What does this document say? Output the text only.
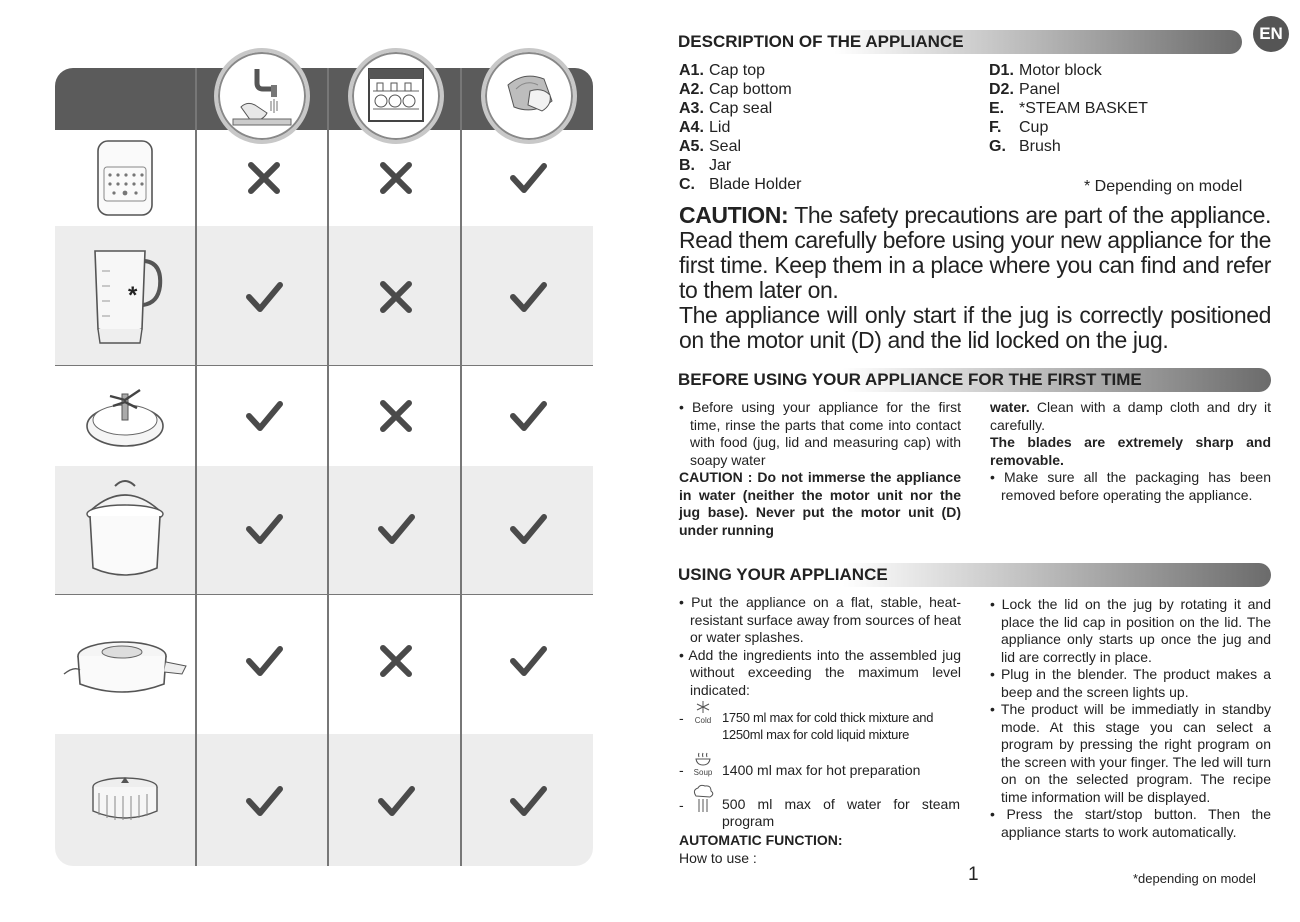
*
EN
DESCRIPTION OF THE APPLIANCE
A1. Cap top
A2. Cap bottom
A3. Cap seal
A4. Lid
A5. Seal
B. Jar
C. Blade Holder
D1. Motor block
D2. Panel
E. *STEAM BASKET
F. Cup
G. Brush
* Depending on model
CAUTION: The safety precautions are part of the appliance. Read them carefully before using your new appliance for the first time. Keep them in a place where you can find and refer to them later on.
The appliance will only start if the jug is correctly positioned on the motor unit (D) and the lid locked on the jug.
BEFORE USING YOUR APPLIANCE FOR THE FIRST TIME

• Before using your appliance for the first time, rinse the parts that come into contact with food (jug, lid and measuring cap) with soapy water

CAUTION : Do not immerse the appliance in water (neither the motor unit nor the jug base). Never put the motor unit (D) under running

water. Clean with a damp cloth and dry it carefully.

The blades are extremely sharp and removable.

• Make sure all the packaging has been removed before operating the appliance.

USING YOUR APPLIANCE

• Put the appliance on a flat, stable, heat-resistant surface away from sources of heat or water splashes.

• Add the ingredients into the assembled jug without exceeding the maximum level indicated:

-	Cold 1750 ml max for cold thick mixture and
1250ml max for cold liquid mixture
-	Soup 1400 ml max for hot preparation
-	500 ml max of water for steam
program
AUTOMATIC FUNCTION:
How to use :

• Lock the lid on the jug by rotating it and place the lid cap in position on the lid. The appliance only starts up once the jug and lid are correctly in place.

• Plug in the blender. The product makes a beep and the screen lights up.

• The product will be immediatly in standby mode. At this stage you can select a program by pressing the right program on the screen with your finger. The led will turn on on the selected program. The recipe time information will be displayed.

• Press the start/stop button. Then the appliance starts to work automatically.

*depending on model
1
